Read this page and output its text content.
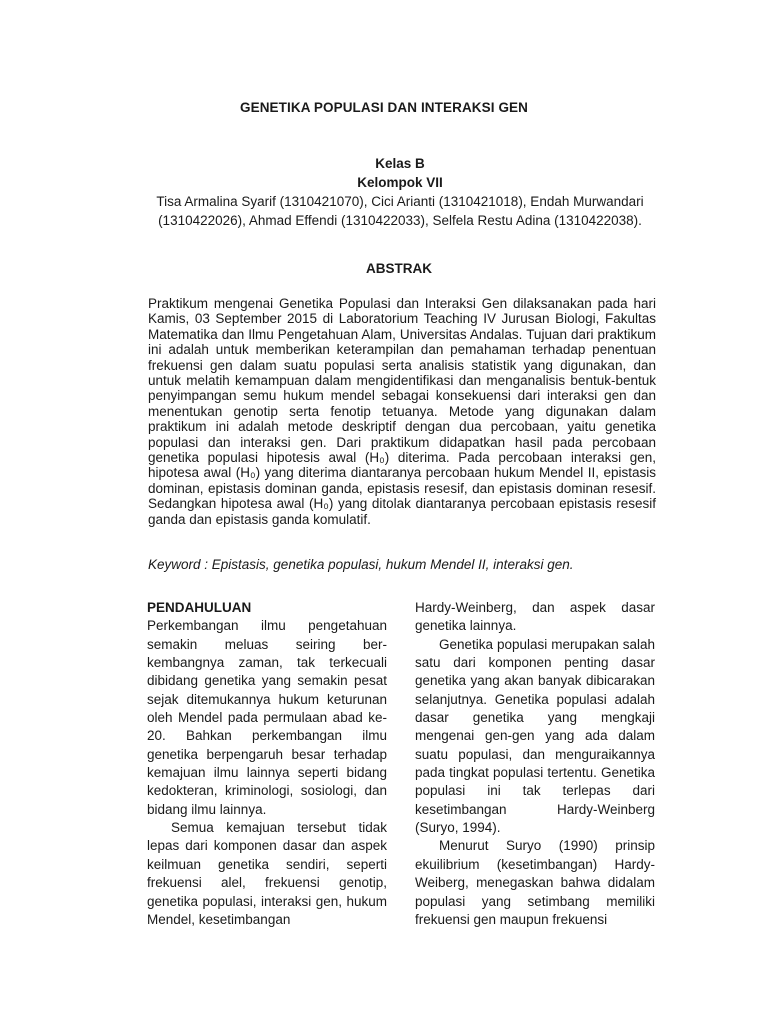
GENETIKA POPULASI DAN INTERAKSI GEN
Kelas B
Kelompok VII
Tisa Armalina Syarif (1310421070), Cici Arianti (1310421018), Endah Murwandari (1310422026), Ahmad Effendi (1310422033), Selfela Restu Adina (1310422038).
ABSTRAK
Praktikum mengenai Genetika Populasi dan Interaksi Gen dilaksanakan pada hari Kamis, 03 September 2015 di Laboratorium Teaching IV Jurusan Biologi, Fakultas Matematika dan Ilmu Pengetahuan Alam, Universitas Andalas. Tujuan dari praktikum ini adalah untuk memberikan keterampilan dan pemahaman terhadap penentuan frekuensi gen dalam suatu populasi serta analisis statistik yang digunakan, dan untuk melatih kemampuan dalam mengidentifikasi dan menganalisis bentuk-bentuk penyimpangan semu hukum mendel sebagai konsekuensi dari interaksi gen dan menentukan genotip serta fenotip tetuanya. Metode yang digunakan dalam praktikum ini adalah metode deskriptif dengan dua percobaan, yaitu genetika populasi dan interaksi gen. Dari praktikum didapatkan hasil pada percobaan genetika populasi hipotesis awal (H₀) diterima. Pada percobaan interaksi gen, hipotesa awal (H₀) yang diterima diantaranya percobaan hukum Mendel II, epistasis dominan, epistasis dominan ganda, epistasis resesif, dan epistasis dominan resesif. Sedangkan hipotesa awal (H₀) yang ditolak diantaranya percobaan epistasis resesif ganda dan epistasis ganda komulatif.
Keyword : Epistasis, genetika populasi, hukum Mendel II, interaksi gen.

PENDAHULUAN

Perkembangan ilmu pengetahuan semakin meluas seiring ber-kembangnya zaman, tak terkecuali dibidang genetika yang semakin pesat sejak ditemukannya hukum keturunan oleh Mendel pada permulaan abad ke-20. Bahkan perkembangan ilmu genetika berpengaruh besar terhadap kemajuan ilmu lainnya seperti bidang kedokteran, kriminologi, sosiologi, dan bidang ilmu lainnya.

Semua kemajuan tersebut tidak lepas dari komponen dasar dan aspek keilmuan genetika sendiri, seperti frekuensi alel, frekuensi genotip, genetika populasi, interaksi gen, hukum Mendel, kesetimbangan

Hardy-Weinberg, dan aspek dasar genetika lainnya.

Genetika populasi merupakan salah satu dari komponen penting dasar genetika yang akan banyak dibicarakan selanjutnya. Genetika populasi adalah dasar genetika yang mengkaji mengenai gen-gen yang ada dalam suatu populasi, dan menguraikannya pada tingkat populasi tertentu. Genetika populasi ini tak terlepas dari kesetimbangan Hardy-Weinberg (Suryo, 1994).

Menurut Suryo (1990) prinsip ekuilibrium (kesetimbangan) Hardy-Weiberg, menegaskan bahwa didalam populasi yang setimbang memiliki frekuensi gen maupun frekuensi
